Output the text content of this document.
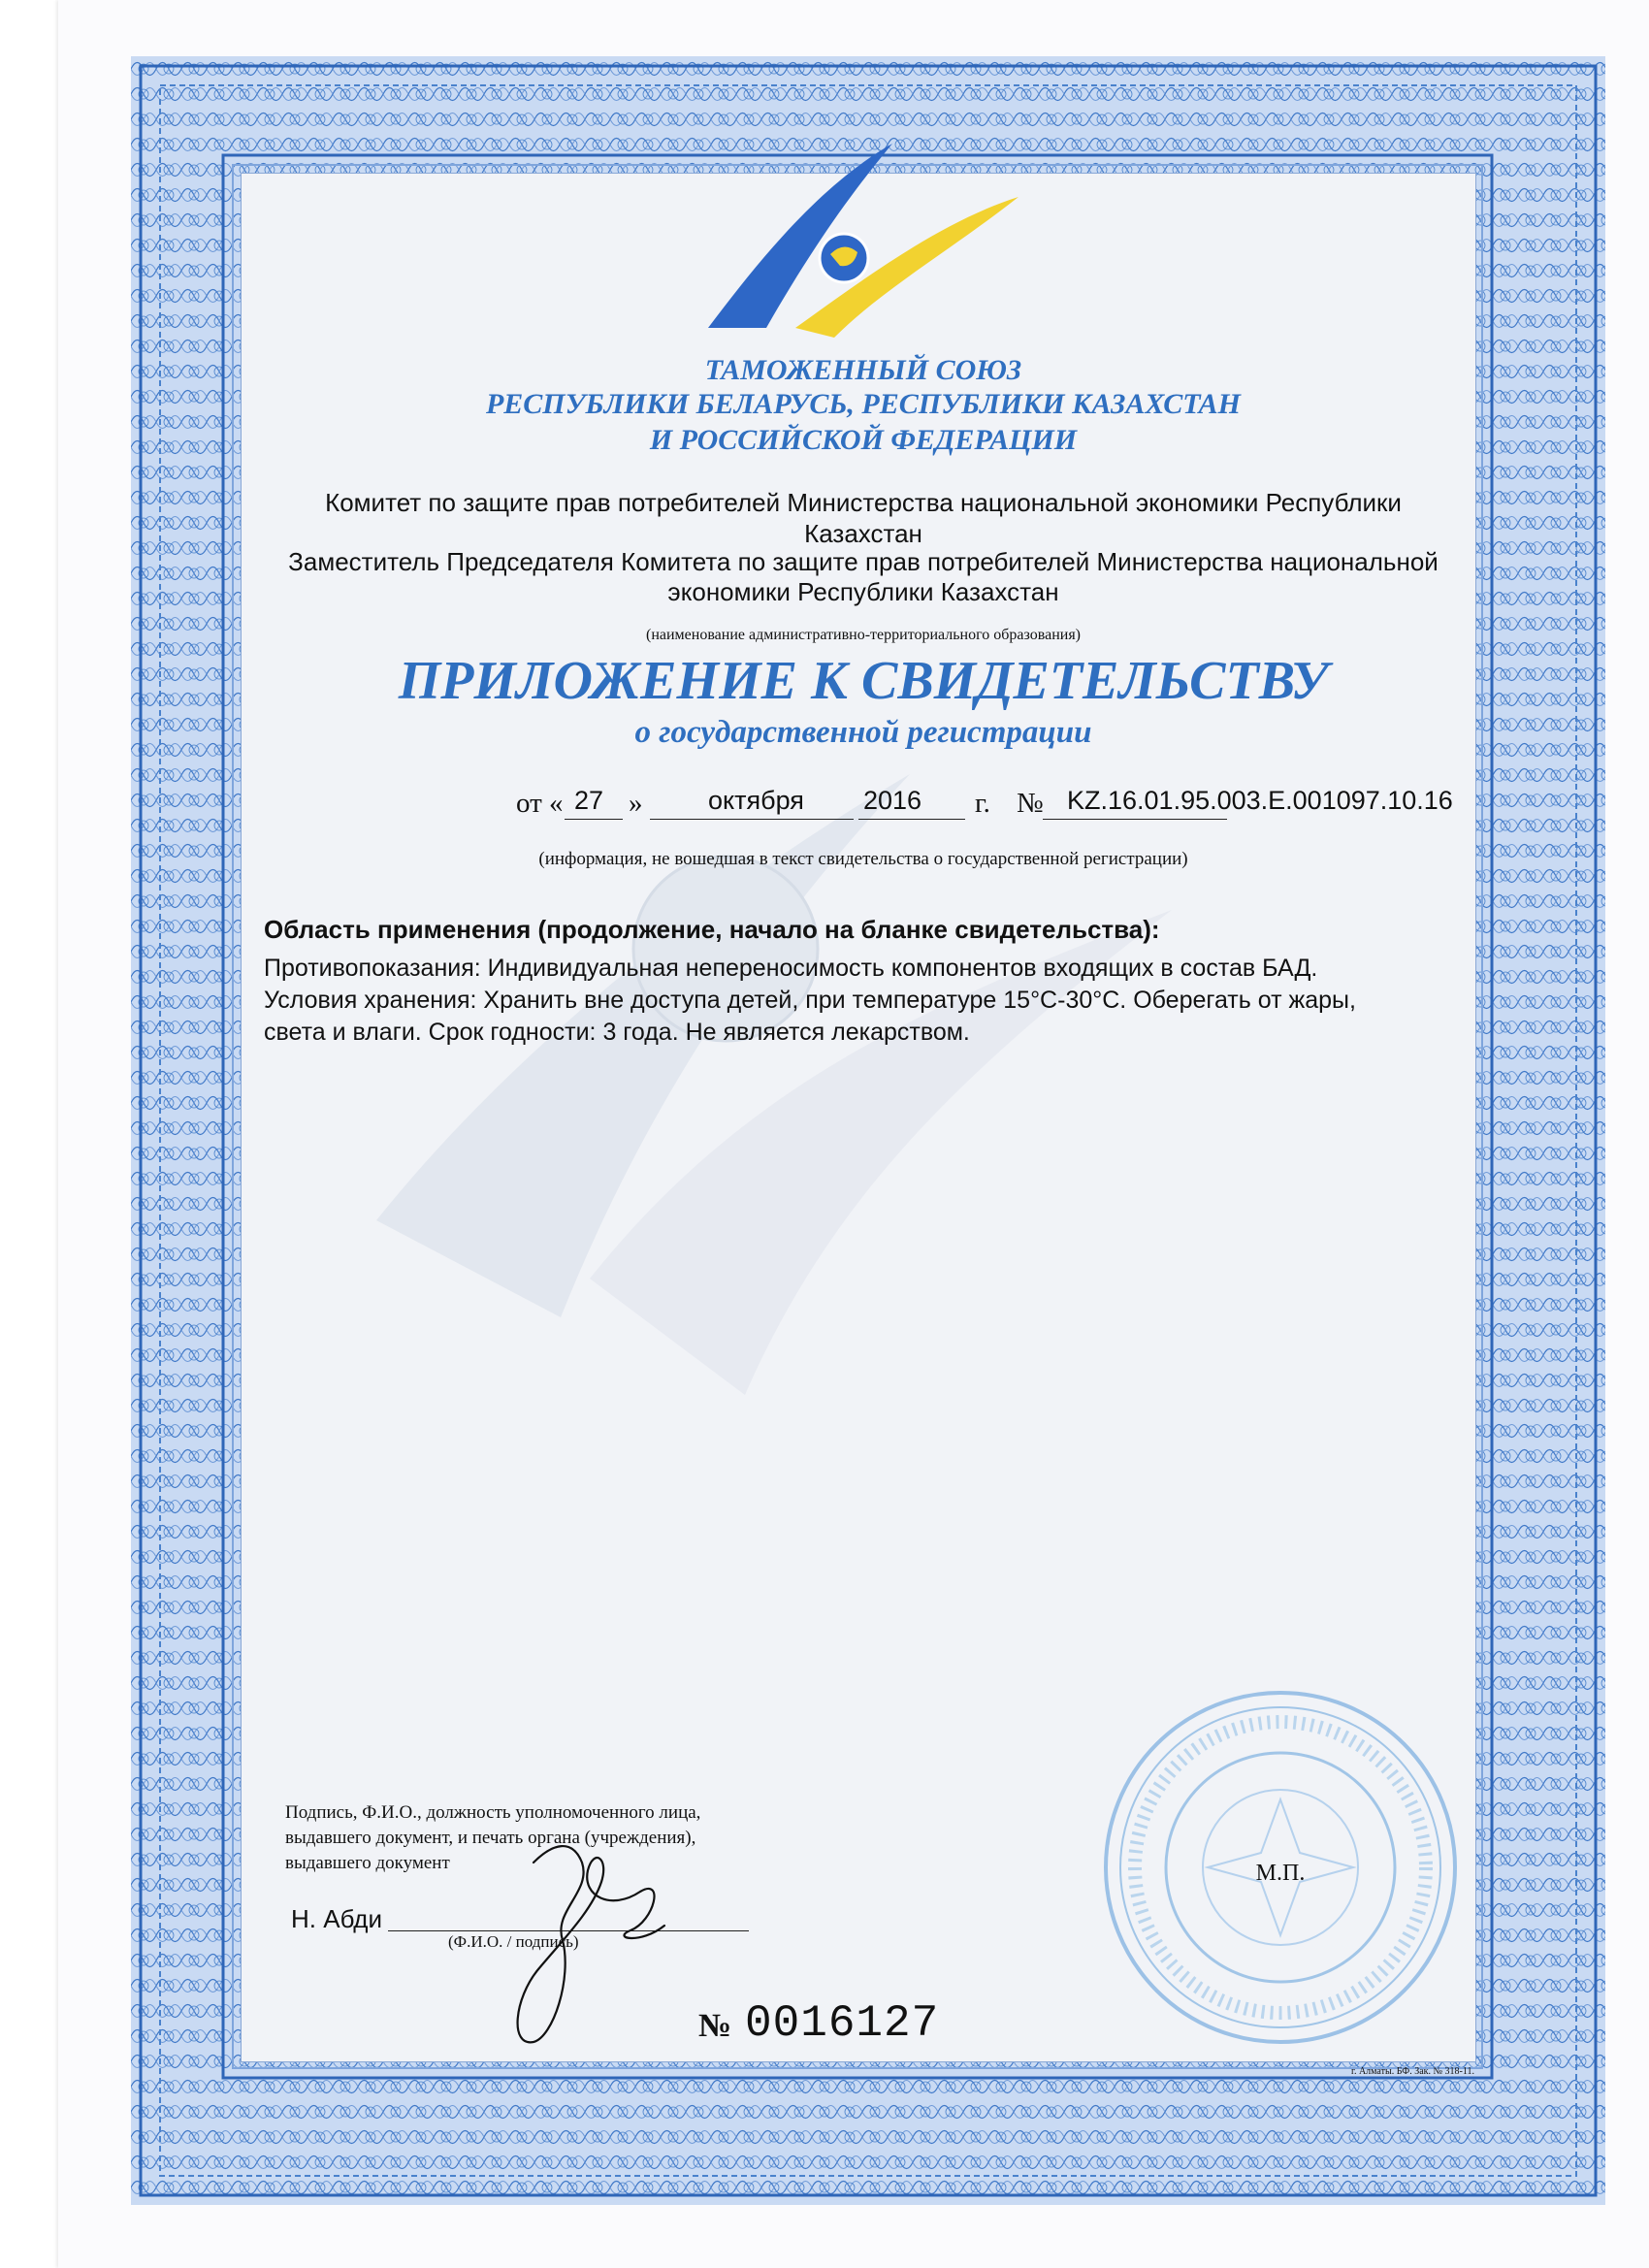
ТАМОЖЕННЫЙ СОЮЗ
РЕСПУБЛИКИ БЕЛАРУСЬ, РЕСПУБЛИКИ КАЗАХСТАН
И РОССИЙСКОЙ ФЕДЕРАЦИИ
Комитет по защите прав потребителей Министерства национальной экономики Республики
Казахстан
Заместитель Председателя Комитета по защите прав потребителей Министерства национальной
экономики Республики Казахстан
(наименование административно-территориального образования)
ПРИЛОЖЕНИЕ К СВИДЕТЕЛЬСТВУ
о государственной регистрации
от « 27 »	октября 2016 г. № KZ.16.01.95.003.Е.001097.10.16
(информация, не вошедшая в текст свидетельства о государственной регистрации)
Область применения (продолжение, начало на бланке свидетельства):
Противопоказания: Индивидуальная непереносимость компонентов входящих в состав БАД.
Условия хранения: Хранить вне доступа детей, при температуре 15°С-30°С. Оберегать от жары,
света и влаги. Срок годности: 3 года. Не является лекарством.
Подпись, Ф.И.О., должность уполномоченного лица,
выдавшего документ, и печать органа (учреждения),
выдавшего документ
Н. Абди
(Ф.И.О. / подпись)
М.П.
№ 0016127
г. Алматы. БФ. Зак. № 318-11.
